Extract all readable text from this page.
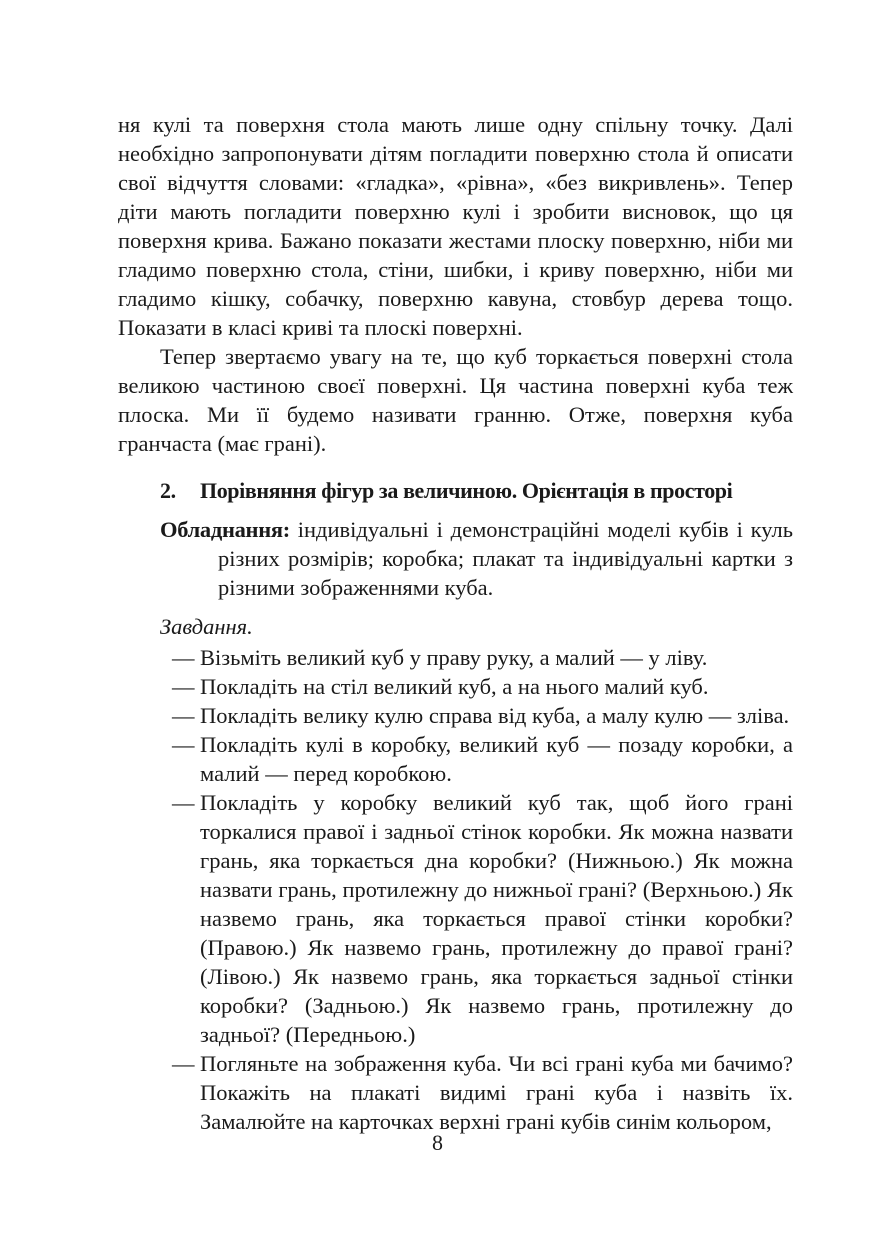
ня кулі та поверхня стола мають лише одну спільну точку. Далі необхідно запропонувати дітям погладити поверхню стола й описати свої відчуття словами: «гладка», «рівна», «без викривлень». Тепер діти мають погладити поверхню кулі і зробити висновок, що ця поверхня крива. Бажано показати жестами плоску поверхню, ніби ми гладимо поверхню стола, стіни, шибки, і криву поверхню, ніби ми гладимо кішку, собачку, поверхню кавуна, стовбур дерева тощо. Показати в класі криві та плоскі поверхні.

Тепер звертаємо увагу на те, що куб торкається поверхні стола великою частиною своєї поверхні. Ця частина поверхні куба теж плоска. Ми її будемо називати гранню. Отже, поверхня куба гранчаста (має грані).

2.	Порівняння фігур за величиною. Орієнтація в просторі

Обладнання: індивідуальні і демонстраційні моделі кубів і куль різних розмірів; коробка; плакат та індивідуальні картки з різними зображеннями куба.

Завдання.

— Візьміть великий куб у праву руку, а малий — у ліву.
— Покладіть на стіл великий куб, а на нього малий куб.
— Покладіть велику кулю справа від куба, а малу кулю — зліва.
— Покладіть кулі в коробку, великий куб — позаду коробки, а малий — перед коробкою.
— Покладіть у коробку великий куб так, щоб його грані торкалися правої і задньої стінок коробки. Як можна назвати грань, яка торкається дна коробки? (Нижньою.) Як можна назвати грань, протилежну до нижньої грані? (Верхньою.) Як назвемо грань, яка торкається правої стінки коробки? (Правою.) Як назвемо грань, протилежну до правої грані? (Лівою.) Як назвемо грань, яка торкається задньої стінки коробки? (Задньою.) Як назвемо грань, протилежну до задньої? (Передньою.)
— Погляньте на зображення куба. Чи всі грані куба ми бачимо? Покажіть на плакаті видимі грані куба і назвіть їх. Замалюйте на карточках верхні грані кубів синім кольором,
8
